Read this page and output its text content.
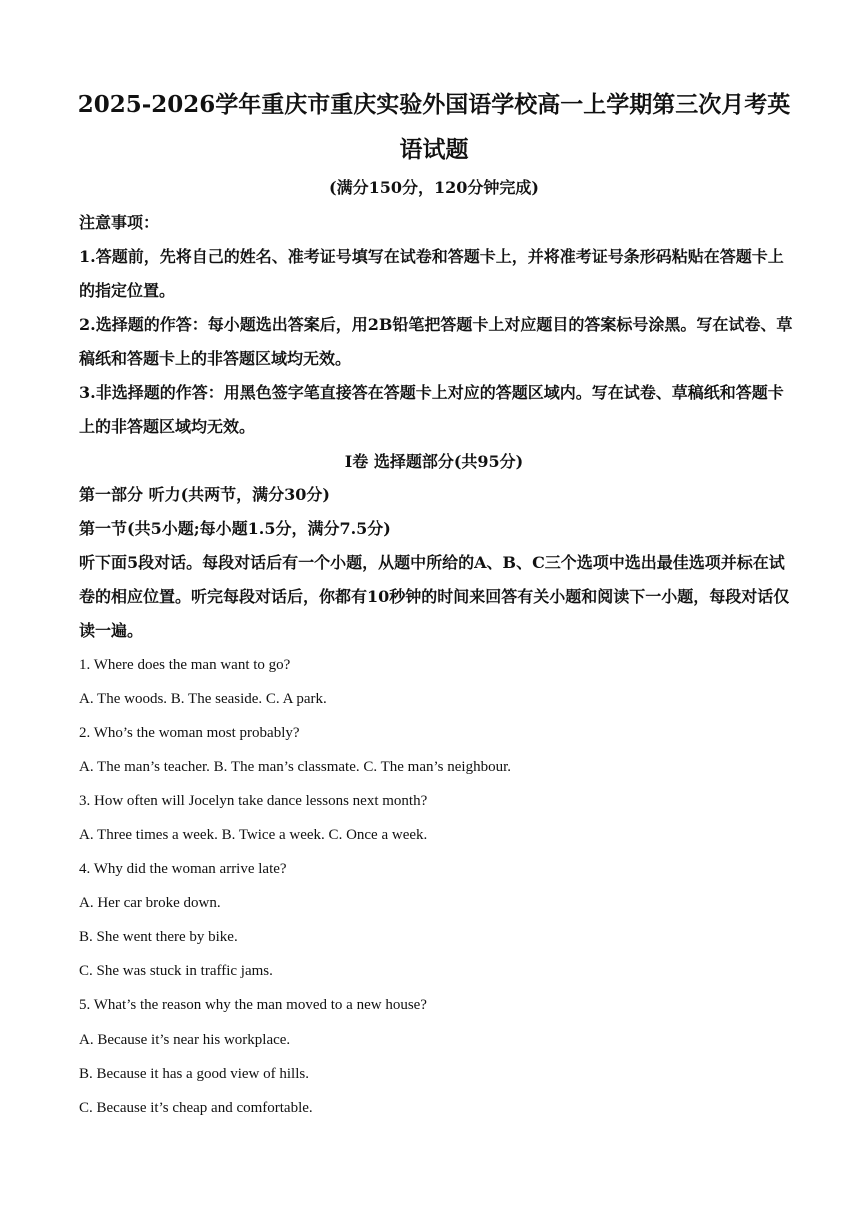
2025-2026学年重庆市重庆实验外国语学校高一上学期第三次月考英
语试题
(满分150分，120分钟完成)
注意事项：
1.答题前，先将自己的姓名、准考证号填写在试卷和答题卡上，并将准考证号条形码粘贴在答题卡上的指定位置。
2.选择题的作答：每小题选出答案后，用2B铅笔把答题卡上对应题目的答案标号涂黑。写在试卷、草稿纸和答题卡上的非答题区域均无效。
3.非选择题的作答：用黑色签字笔直接答在答题卡上对应的答题区域内。写在试卷、草稿纸和答题卡上的非答题区域均无效。
Ⅰ卷 选择题部分(共95分)
第一部分 听力(共两节，满分30分)
第一节(共5小题;每小题1.5分，满分7.5分)
听下面5段对话。每段对话后有一个小题，从题中所给的A、B、C三个选项中选出最佳选项并标在试卷的相应位置。听完每段对话后，你都有10秒钟的时间来回答有关小题和阅读下一小题，每段对话仅读一遍。
1. Where does the man want to go?
A. The woods. B. The seaside. C. A park.
2. Who’s the woman most probably?
A. The man’s teacher. B. The man’s classmate. C. The man’s neighbour.
3. How often will Jocelyn take dance lessons next month?
A. Three times a week. B. Twice a week. C. Once a week.
4. Why did the woman arrive late?
A. Her car broke down.
B. She went there by bike.
C. She was stuck in traffic jams.
5. What’s the reason why the man moved to a new house?
A. Because it’s near his workplace.
B. Because it has a good view of hills.
C. Because it’s cheap and comfortable.
